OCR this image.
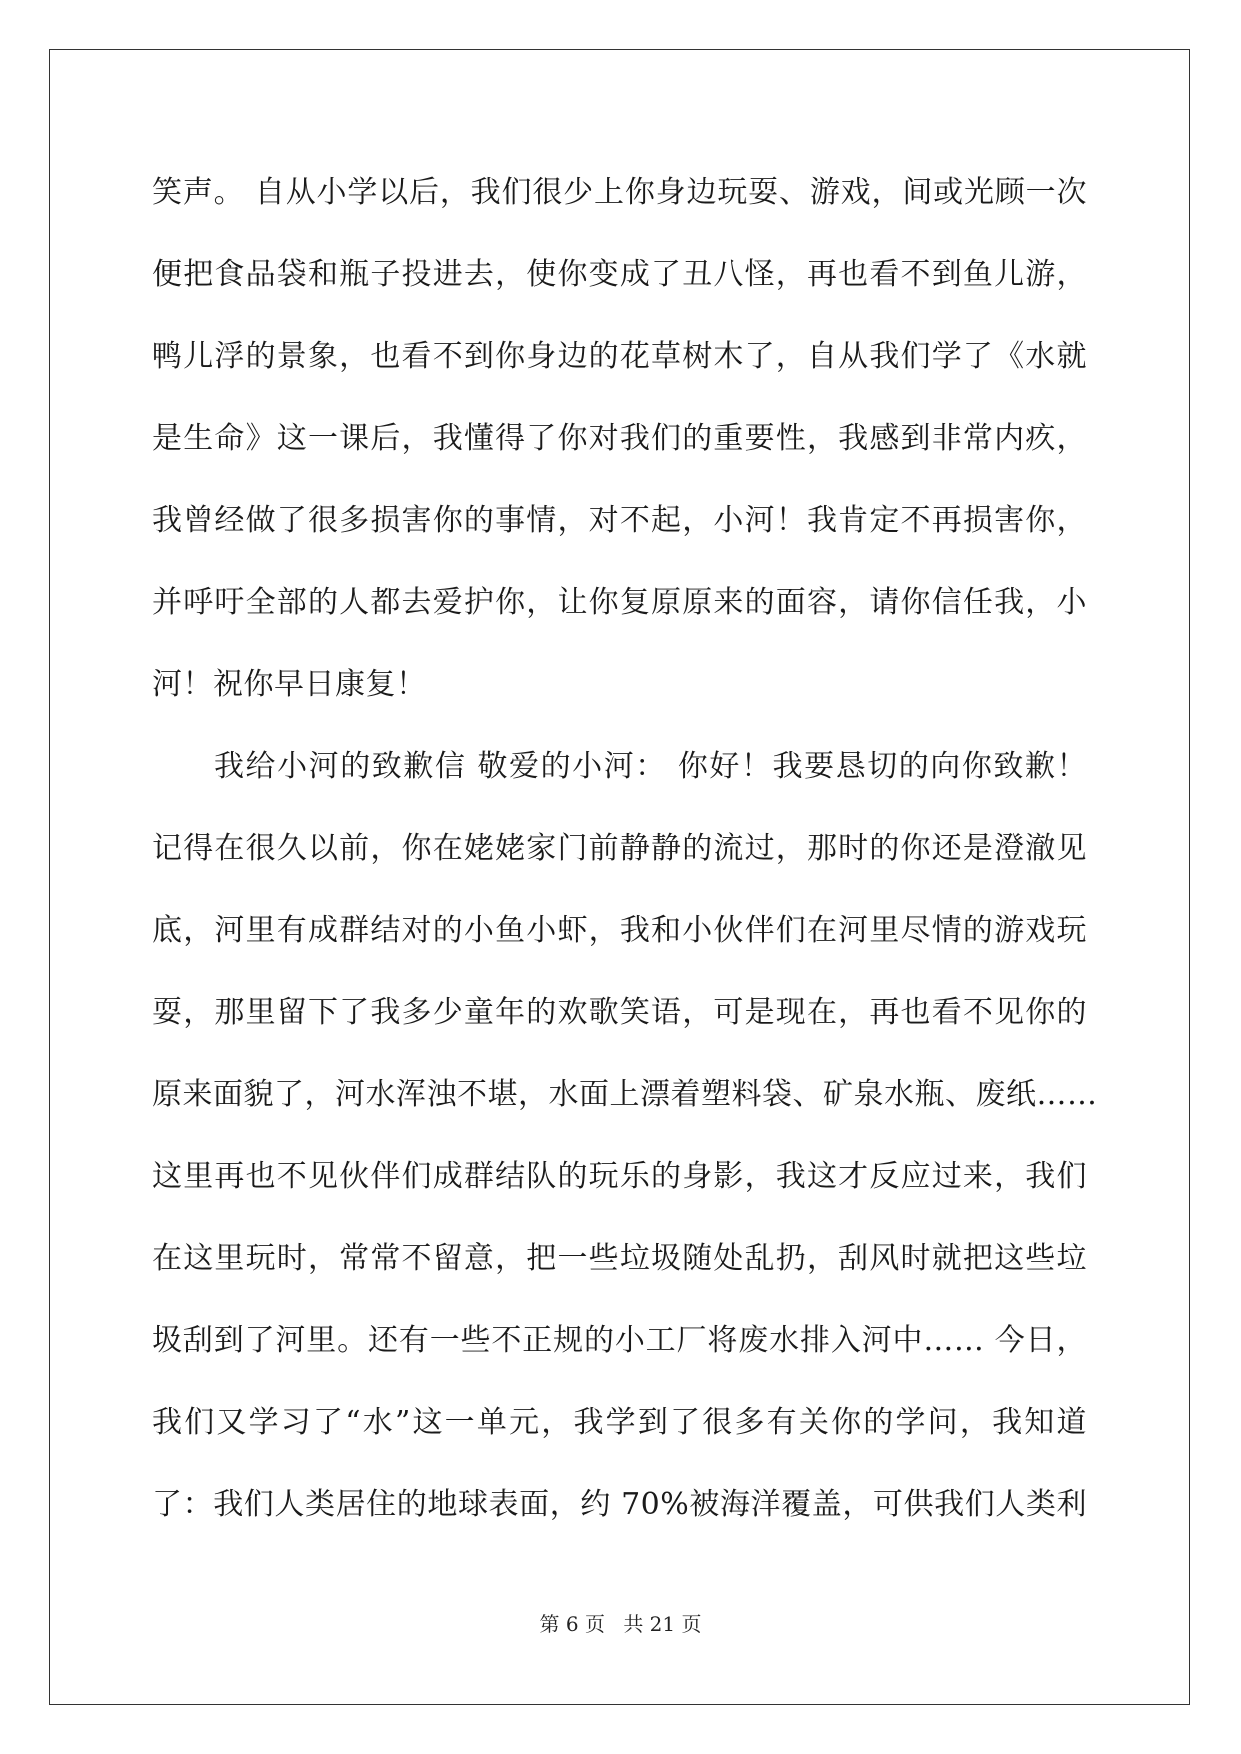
笑声。 自从小学以后，我们很少上你身边玩耍、游戏，间或光顾一次
便把食品袋和瓶子投进去，使你变成了丑八怪，再也看不到鱼儿游，
鸭儿浮的景象，也看不到你身边的花草树木了，自从我们学了《水就
是生命》这一课后，我懂得了你对我们的重要性，我感到非常内疚，
我曾经做了很多损害你的事情，对不起，小河！我肯定不再损害你，
并呼吁全部的人都去爱护你，让你复原原来的面容，请你信任我，小
河！祝你早日康复！
我给小河的致歉信 敬爱的小河： 你好！我要恳切的向你致歉！
记得在很久以前，你在姥姥家门前静静的流过，那时的你还是澄澈见
底，河里有成群结对的小鱼小虾，我和小伙伴们在河里尽情的游戏玩
耍，那里留下了我多少童年的欢歌笑语，可是现在，再也看不见你的
原来面貌了，河水浑浊不堪，水面上漂着塑料袋、矿泉水瓶、废纸……
这里再也不见伙伴们成群结队的玩乐的身影，我这才反应过来，我们
在这里玩时，常常不留意，把一些垃圾随处乱扔，刮风时就把这些垃
圾刮到了河里。还有一些不正规的小工厂将废水排入河中…… 今日，
我们又学习了“水”这一单元，我学到了很多有关你的学问，我知道
了：我们人类居住的地球表面，约 70%被海洋覆盖，可供我们人类利
第 6 页 共 21 页
